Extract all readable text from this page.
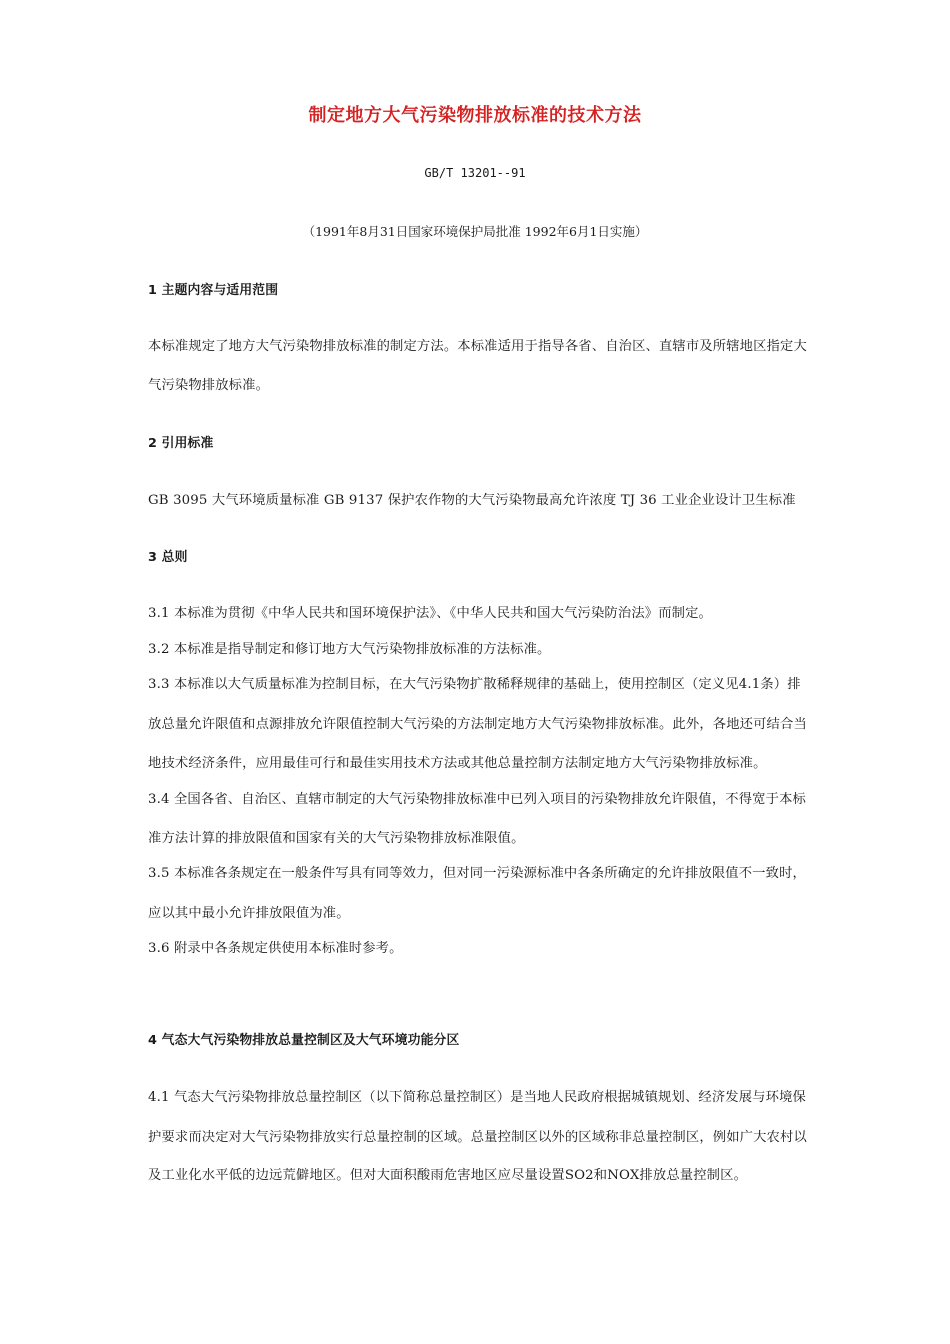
制定地方大气污染物排放标准的技术方法
GB/T 13201--91
（1991年8月31日国家环境保护局批准 1992年6月1日实施）
1 主题内容与适用范围
本标准规定了地方大气污染物排放标准的制定方法。本标准适用于指导各省、自治区、直辖市及所辖地区指定大
气污染物排放标准。
2 引用标准
GB 3095 大气环境质量标准 GB 9137 保护农作物的大气污染物最高允许浓度 TJ 36 工业企业设计卫生标准
3 总则
3.1 本标准为贯彻《中华人民共和国环境保护法》、《中华人民共和国大气污染防治法》而制定。
3.2 本标准是指导制定和修订地方大气污染物排放标准的方法标准。
3.3 本标准以大气质量标准为控制目标，在大气污染物扩散稀释规律的基础上，使用控制区（定义见4.1条）排
放总量允许限值和点源排放允许限值控制大气污染的方法制定地方大气污染物排放标准。此外，各地还可结合当
地技术经济条件，应用最佳可行和最佳实用技术方法或其他总量控制方法制定地方大气污染物排放标准。
3.4 全国各省、自治区、直辖市制定的大气污染物排放标准中已列入项目的污染物排放允许限值，不得宽于本标
准方法计算的排放限值和国家有关的大气污染物排放标准限值。
3.5 本标准各条规定在一般条件写具有同等效力，但对同一污染源标准中各条所确定的允许排放限值不一致时，
应以其中最小允许排放限值为准。
3.6 附录中各条规定供使用本标准时参考。
4 气态大气污染物排放总量控制区及大气环境功能分区
4.1 气态大气污染物排放总量控制区（以下简称总量控制区）是当地人民政府根据城镇规划、经济发展与环境保
护要求而决定对大气污染物排放实行总量控制的区域。总量控制区以外的区域称非总量控制区，例如广大农村以
及工业化水平低的边远荒僻地区。但对大面积酸雨危害地区应尽量设置SO2和NOX排放总量控制区。
